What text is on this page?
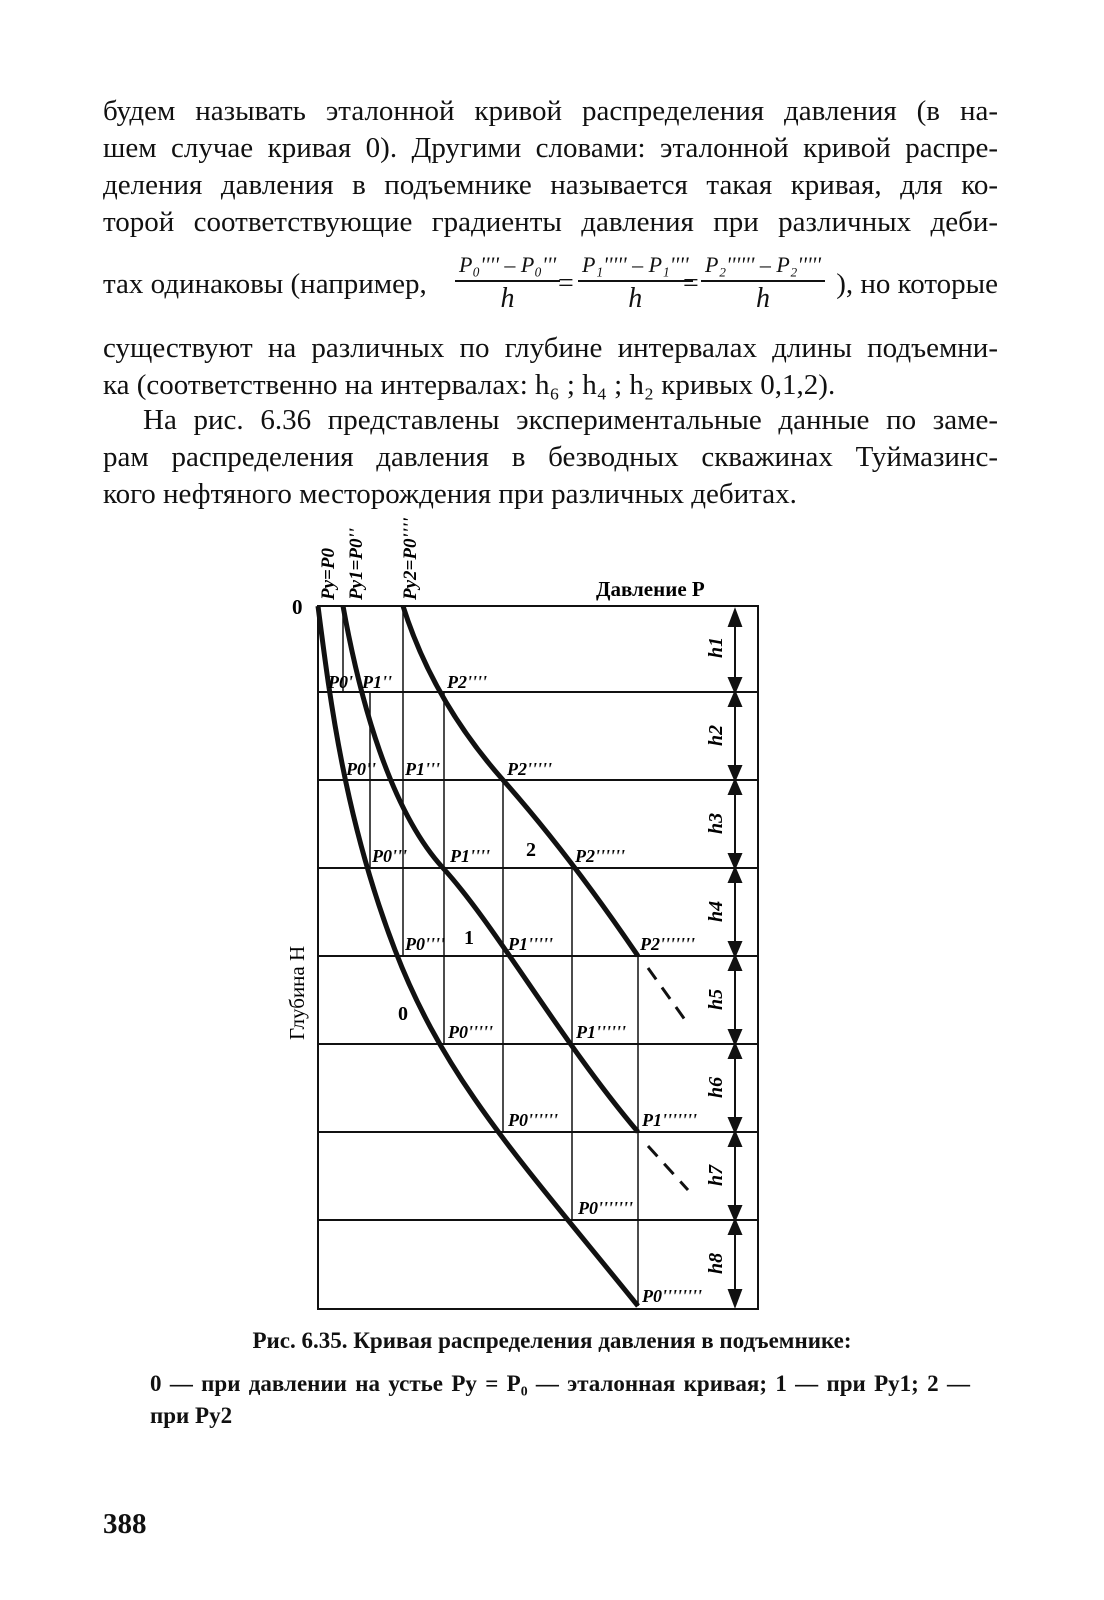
будем называть эталонной кривой распределения давления (в на-
шем случае кривая 0). Другими словами: эталонной кривой распре-
деления давления в подъемнике называется такая кривая, для ко-
торой соответствующие градиенты давления при различных деби-
тах одинаковы (например,
P₀'''' – P₀'''
h	=
P₁''''' – P₁''''
h	=
P₂'''''' – P₂'''''
h	), но которые
существуют на различных по глубине интервалах длины подъемни-
ка (соответственно на интервалах: h₆ ; h₄ ; h₂ кривых 0,1,2).
На рис. 6.36 представлены экспериментальные данные по заме-
рам распределения давления в безводных скважинах Туймазинс-
кого нефтяного месторождения при различных дебитах.
h1
h2
h3
h4
h5
h6
h7
h8
Давление P
Глубина H
0
Pу=P0 Pу1=P0'' Pу2=P0''''
P0'
P0''
P0'''
P0''''
P0'''''
P0''''''
P0'''''''
P0''''''''
P1''
P1'''
P1''''
P1'''''
P1''''''
P1'''''''
P2''''
P2'''''
P2''''''
P2'''''''
0
1
2
Рис. 6.35. Кривая распределения давления в подъемнике:
0 — при давлении на устье Pу = P₀ — эталонная кривая; 1 — при Pу1; 2 — при Pу2
388
